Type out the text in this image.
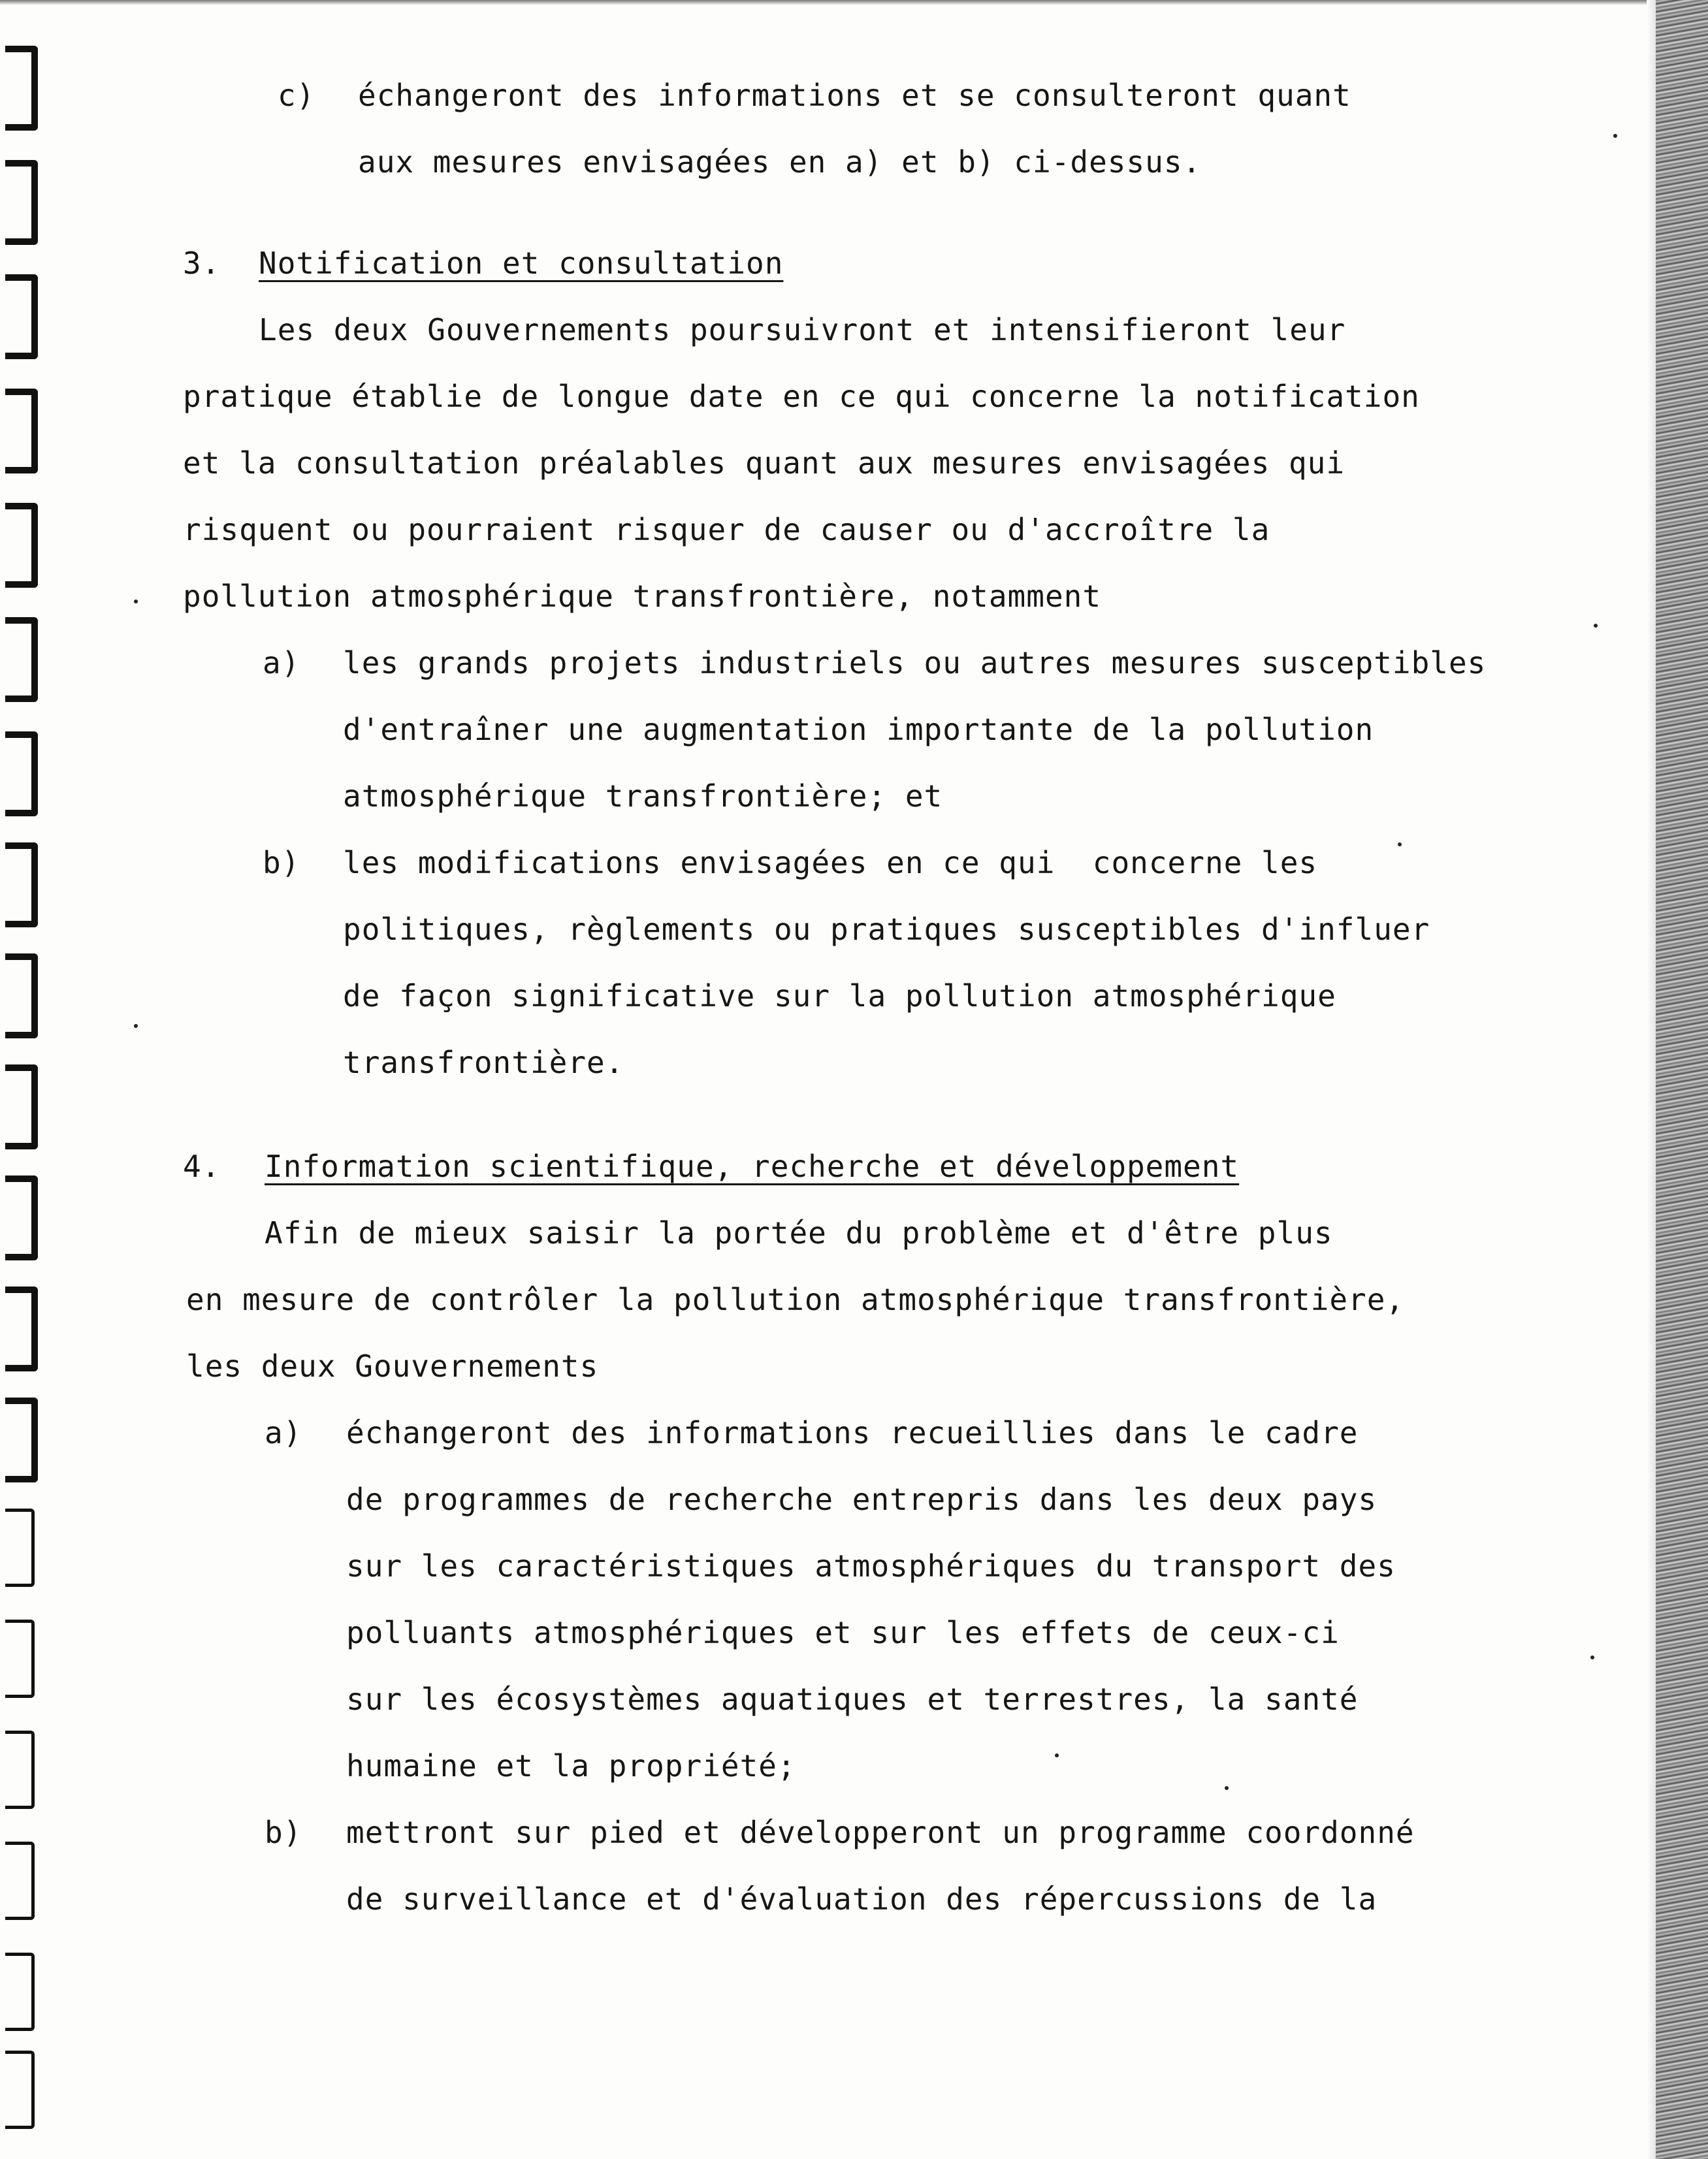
c) échangeront des informations et se consulteront quant
aux mesures envisagées en a) et b) ci-dessus.
3. Notification et consultation
Les deux Gouvernements poursuivront et intensifieront leur
pratique établie de longue date en ce qui concerne la notification
et la consultation préalables quant aux mesures envisagées qui
risquent ou pourraient risquer de causer ou d'accroître la
pollution atmosphérique transfrontière, notamment
a) les grands projets industriels ou autres mesures susceptibles
d'entraîner une augmentation importante de la pollution
atmosphérique transfrontière; et
b) les modifications envisagées en ce qui  concerne les
politiques, règlements ou pratiques susceptibles d'influer
de façon significative sur la pollution atmosphérique
transfrontière.
4. Information scientifique, recherche et développement
Afin de mieux saisir la portée du problème et d'être plus
en mesure de contrôler la pollution atmosphérique transfrontière,
les deux Gouvernements
a) échangeront des informations recueillies dans le cadre
de programmes de recherche entrepris dans les deux pays
sur les caractéristiques atmosphériques du transport des
polluants atmosphériques et sur les effets de ceux-ci
sur les écosystèmes aquatiques et terrestres, la santé
humaine et la propriété;
b) mettront sur pied et développeront un programme coordonné
de surveillance et d'évaluation des répercussions de la
